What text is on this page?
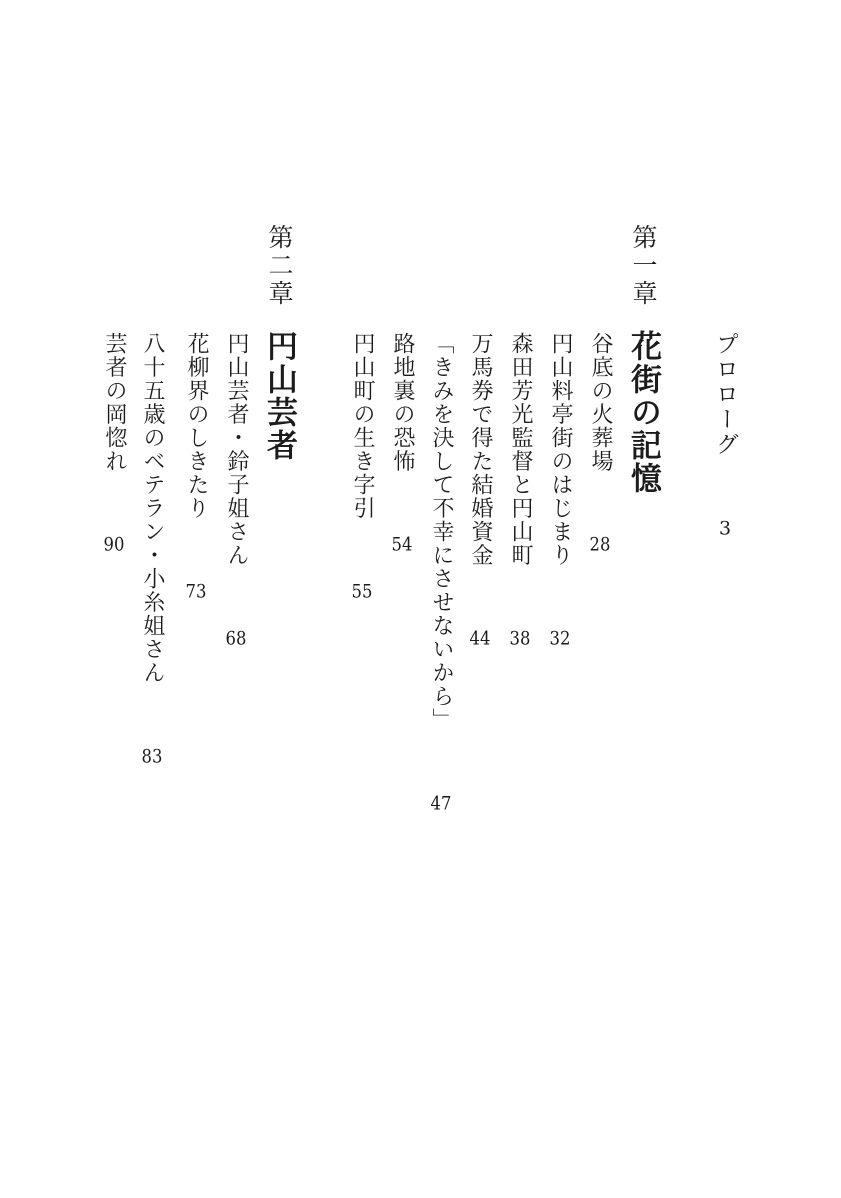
プロローグ3
第一章花街の記憶
谷底の火葬場28
円山料亭街のはじまり32
森田芳光監督と円山町38
万馬券で得た結婚資金44
「きみを決して不幸にさせないから」47
路地裏の恐怖54
円山町の生き字引55
第二章円山芸者
円山芸者・鈴子姐さん68
花柳界のしきたり73
八十五歳のベテラン・小糸姐さん83
芸者の岡惚れ90
